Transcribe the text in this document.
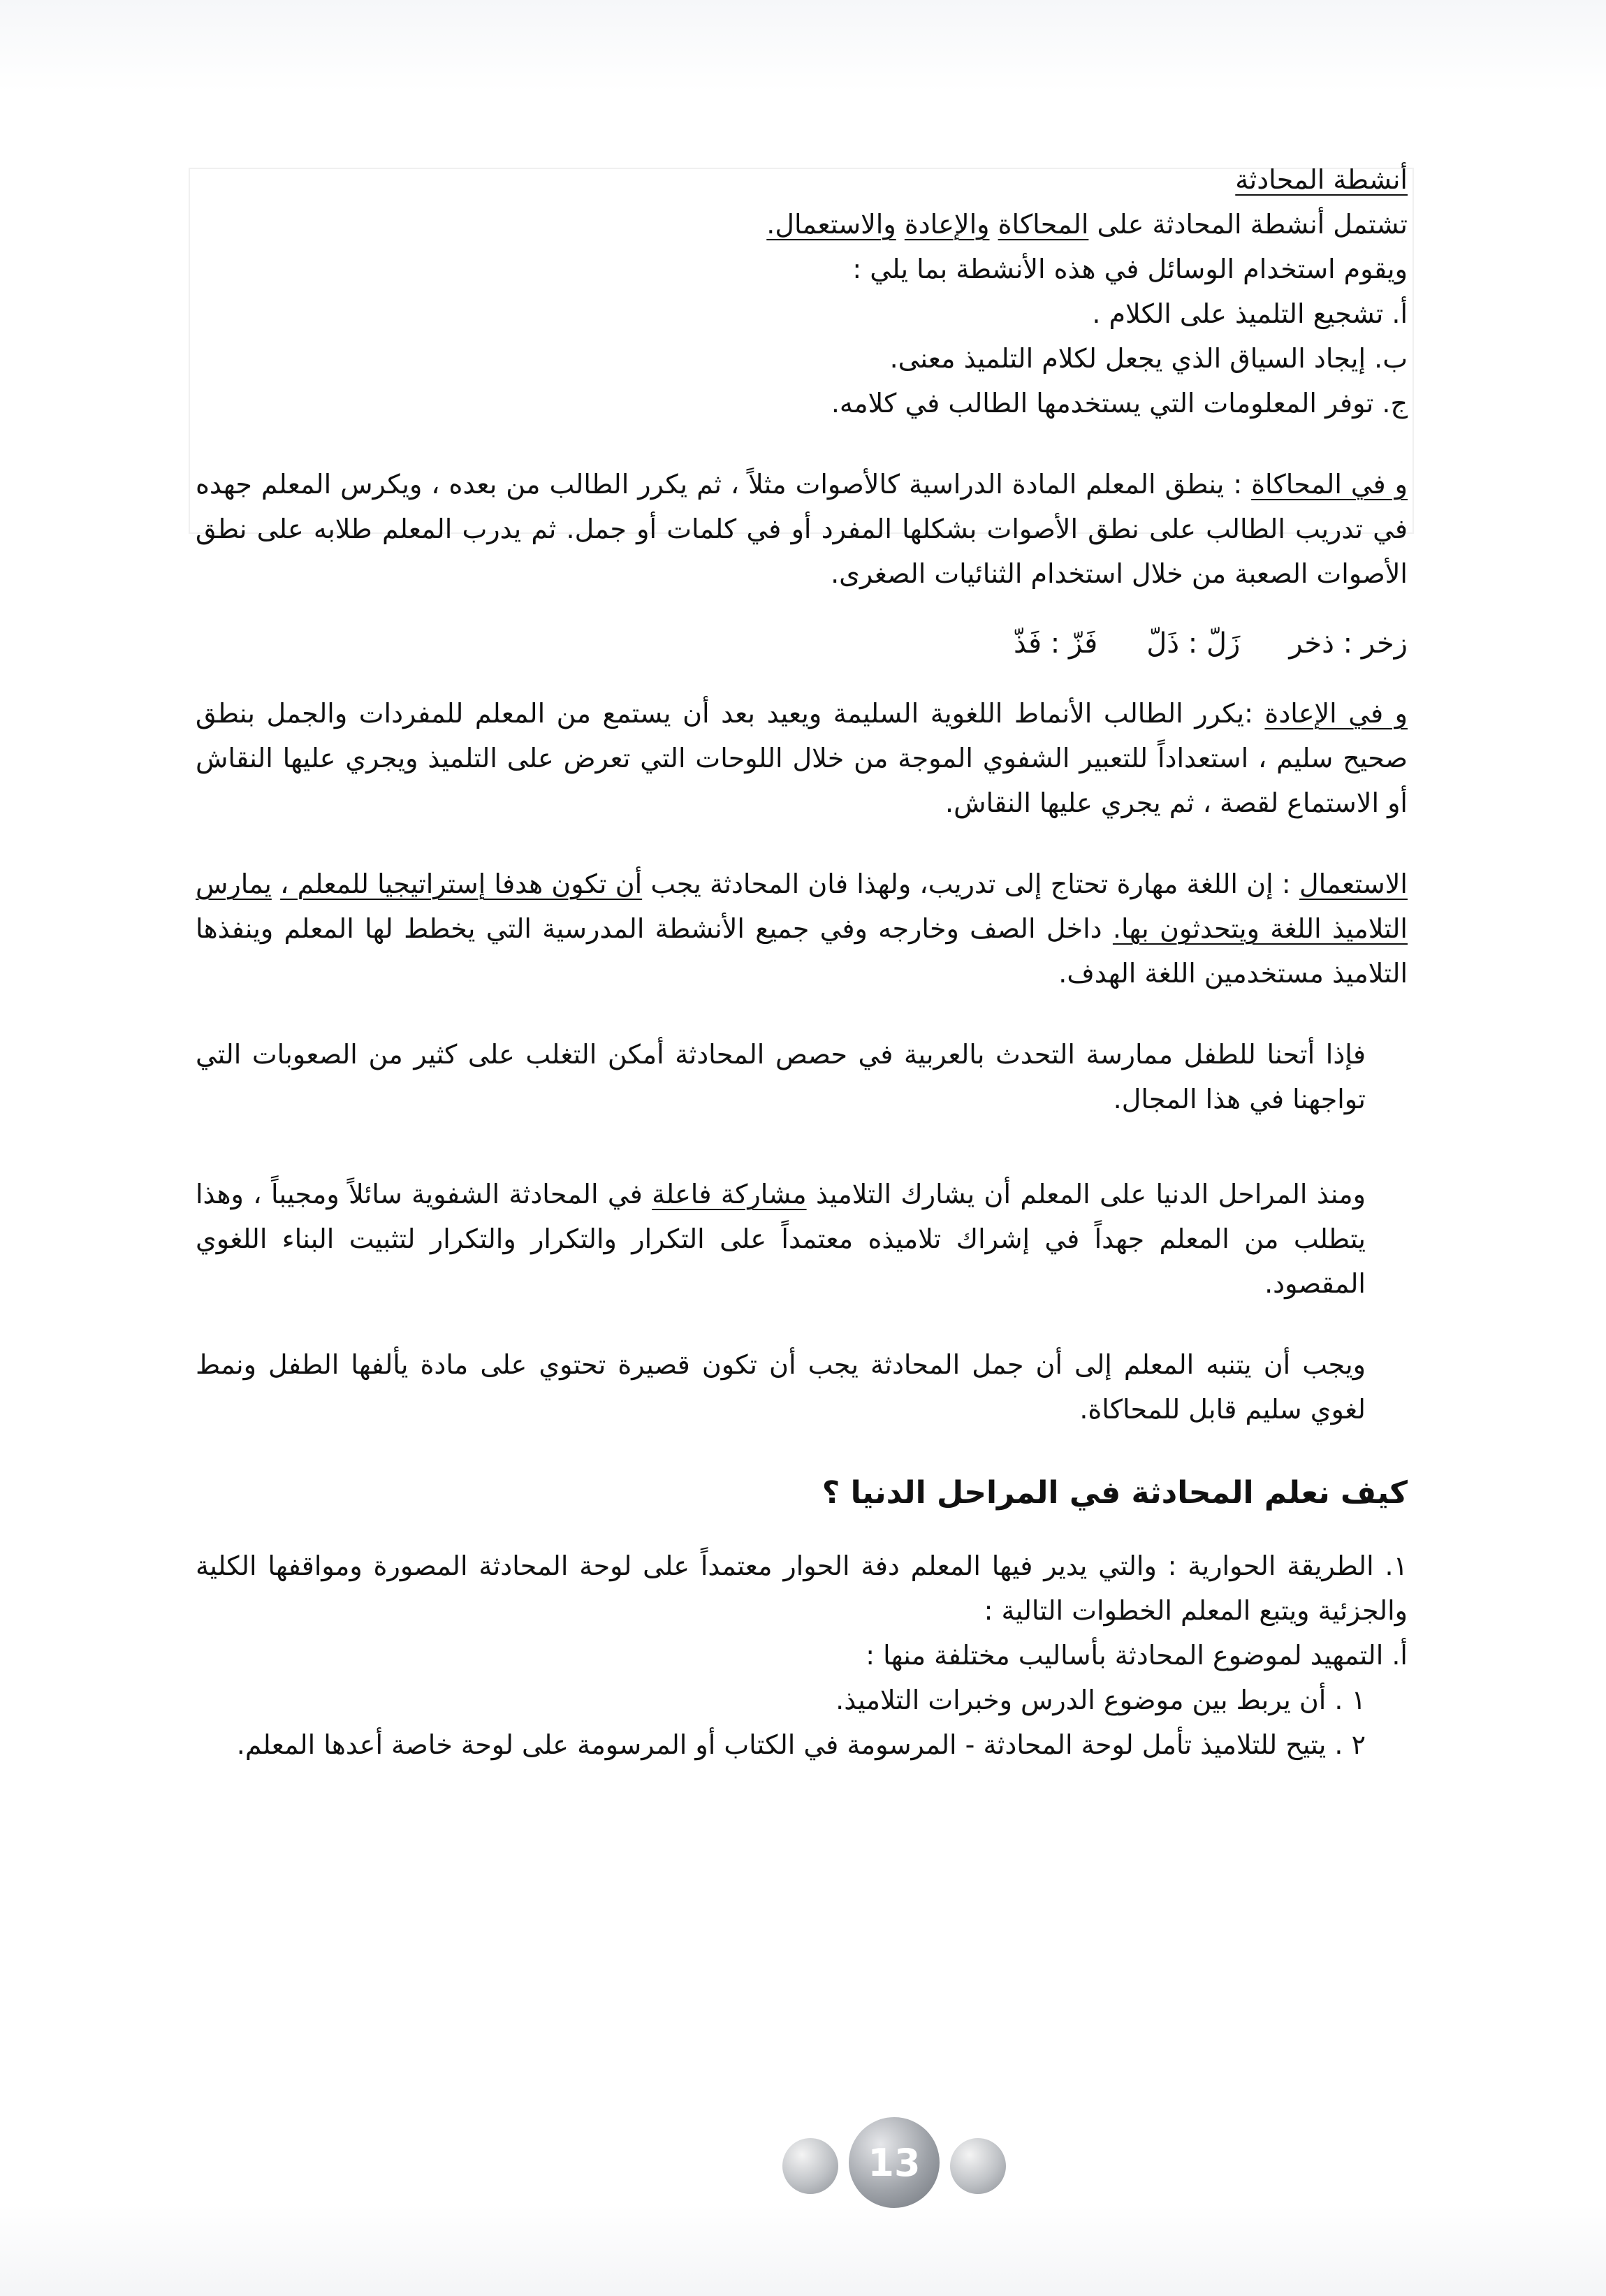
أنشطة المحادثة

تشتمل أنشطة المحادثة على المحاكاة والإعادة والاستعمال.

ويقوم استخدام الوسائل في هذه الأنشطة بما يلي :

أ. تشجيع التلميذ على الكلام .

ب. إيجاد السياق الذي يجعل لكلام التلميذ معنى.

ج. توفر المعلومات التي يستخدمها الطالب في كلامه.

و في المحاكاة : ينطق المعلم المادة الدراسية كالأصوات مثلاً ، ثم يكرر الطالب من بعده ، ويكرس المعلم جهده في تدريب الطالب على نطق الأصوات بشكلها المفرد أو في كلمات أو جمل. ثم يدرب المعلم طلابه على نطق الأصوات الصعبة من خلال استخدام الثنائيات الصغرى.

زخر : ذخر
زَلّ : ذَلّ
فَزّ : فَذّ

و في الإعادة :يكرر الطالب الأنماط اللغوية السليمة ويعيد بعد أن يستمع من المعلم للمفردات والجمل بنطق صحيح سليم ، استعداداً للتعبير الشفوي الموجة من خلال اللوحات التي تعرض على التلميذ ويجري عليها النقاش أو الاستماع لقصة ، ثم يجري عليها النقاش.

الاستعمال : إن اللغة مهارة تحتاج إلى تدريب، ولهذا فان المحادثة يجب أن تكون هدفا إستراتيجيا للمعلم ، يمارس التلاميذ اللغة ويتحدثون بها. داخل الصف وخارجه وفي جميع الأنشطة المدرسية التي يخطط لها المعلم وينفذها التلاميذ مستخدمين اللغة الهدف.

فإذا أتحنا للطفل ممارسة التحدث بالعربية في حصص المحادثة أمكن التغلب على كثير من الصعوبات التي تواجهنا في هذا المجال.

ومنذ المراحل الدنيا على المعلم أن يشارك التلاميذ مشاركة فاعلة في المحادثة الشفوية سائلاً ومجيباً ، وهذا يتطلب من المعلم جهداً في إشراك تلاميذه معتمداً على التكرار والتكرار والتكرار لتثبيت البناء اللغوي المقصود.

ويجب أن يتنبه المعلم إلى أن جمل المحادثة يجب أن تكون قصيرة تحتوي على مادة يألفها الطفل ونمط لغوي سليم قابل للمحاكاة.

كيف نعلم المحادثة في المراحل الدنيا ؟

١. الطريقة الحوارية : والتي يدير فيها المعلم دفة الحوار معتمداً على لوحة المحادثة المصورة ومواقفها الكلية والجزئية ويتبع المعلم الخطوات التالية :

أ. التمهيد لموضوع المحادثة بأساليب مختلفة منها :

١ . أن يربط بين موضوع الدرس وخبرات التلاميذ.

٢ . يتيح للتلاميذ تأمل لوحة المحادثة - المرسومة في الكتاب أو المرسومة على لوحة خاصة أعدها المعلم.

13
